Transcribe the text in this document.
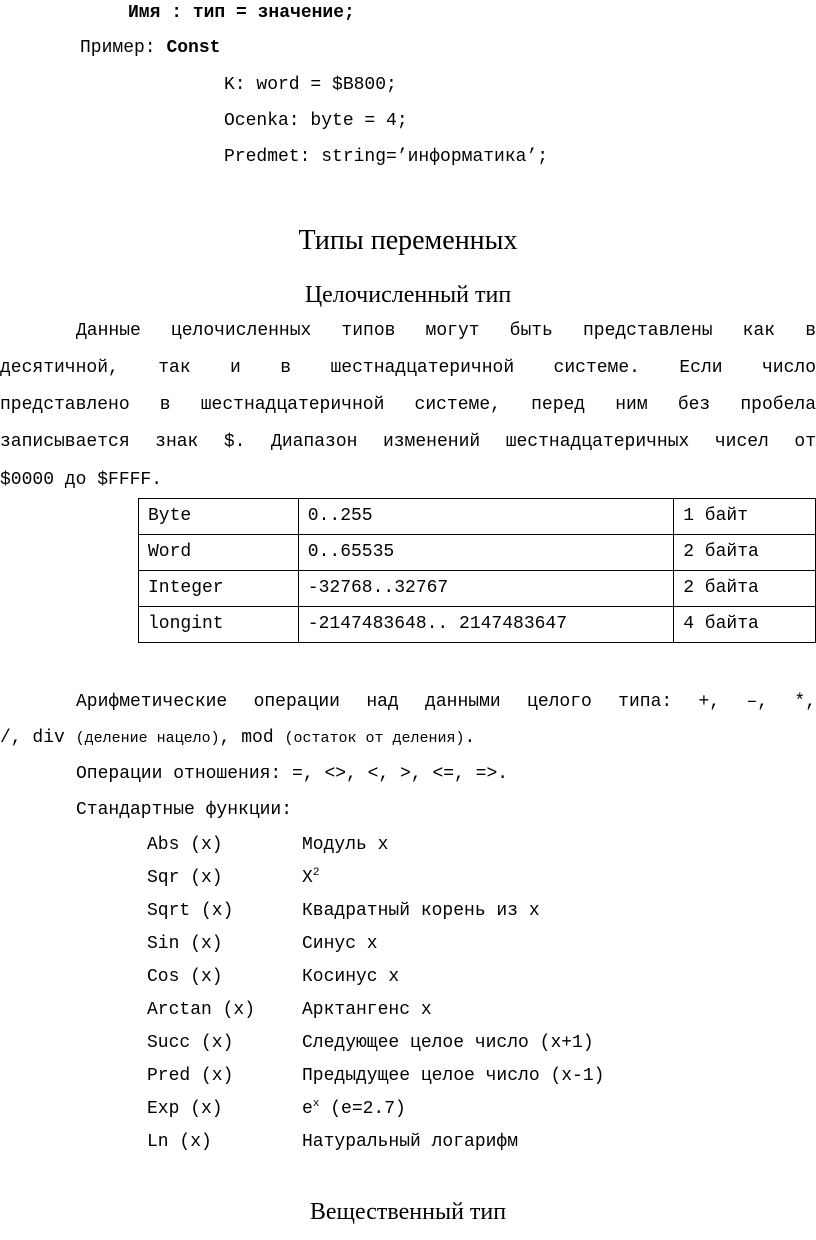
Имя : тип = значение;
Пример: Const
K: word = $B800;
Ocenka: byte = 4;
Predmet: string=’информатика’;
Типы переменных
Целочисленный тип
Данные целочисленных типов могут быть представлены как в
десятичной, так и в шестнадцатеричной системе. Если число
представлено в шестнадцатеричной системе, перед ним без пробела
записывается знак $. Диапазон изменений шестнадцатеричных чисел от
$0000 до $FFFF.
Byte	0..255	1 байт
Word	0..65535	2 байта
Integer	-32768..32767	2 байта
longint	-2147483648.. 2147483647	4 байта
Арифметические операции над данными целого типа: +, –, *,
/, div (деление нацело), mod (остаток от деления).
Операции отношения: =, <>, <, >, <=, =>.
Стандартные функции:
Abs (x)	Модуль x
Sqr (x)	$X^2$
Sqrt (x)	Квадратный корень из x
Sin (x)	Синус x
Cos (x)	Косинус x
Arctan (x)	Арктангенс x
Succ (x)	Следующее целое число (x+1)
Pred (x)	Предыдущее целое число (x-1)
Exp (x)	$e^x$ (e=2.7)
Ln (x)	Натуральный логарифм
Вещественный тип
